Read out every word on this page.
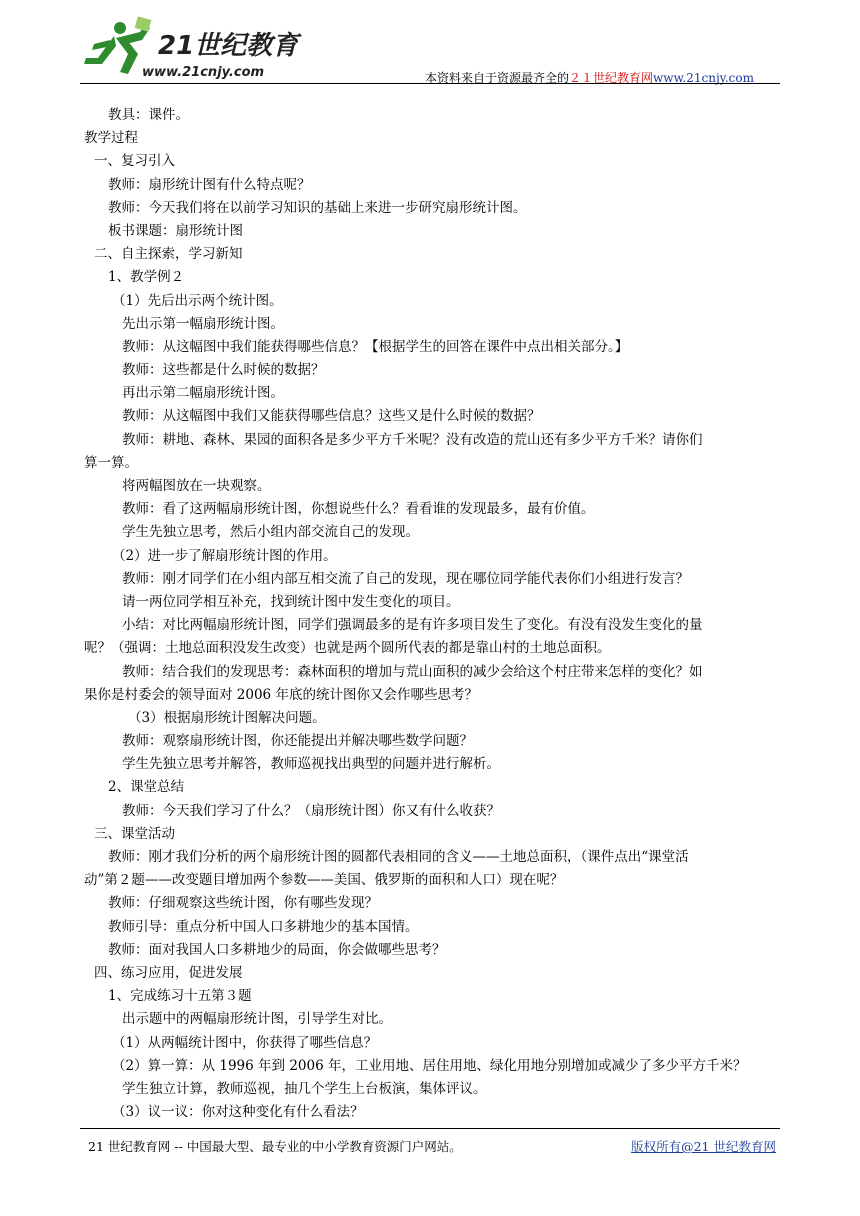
21世纪教育
www.21cnjy.com	本资料来自于资源最齐全的２１世纪教育网www.21cnjy.com
教具：课件。
教学过程
一、复习引入
教师：扇形统计图有什么特点呢？
教师：今天我们将在以前学习知识的基础上来进一步研究扇形统计图。
板书课题：扇形统计图
二、自主探索，学习新知
1、教学例２
（1）先后出示两个统计图。
先出示第一幅扇形统计图。
教师：从这幅图中我们能获得哪些信息？【根据学生的回答在课件中点出相关部分。】
教师：这些都是什么时候的数据？
再出示第二幅扇形统计图。
教师：从这幅图中我们又能获得哪些信息？这些又是什么时候的数据？
教师：耕地、森林、果园的面积各是多少平方千米呢？没有改造的荒山还有多少平方千米？请你们
算一算。
将两幅图放在一块观察。
教师：看了这两幅扇形统计图，你想说些什么？看看谁的发现最多，最有价值。
学生先独立思考，然后小组内部交流自己的发现。
（2）进一步了解扇形统计图的作用。
教师：刚才同学们在小组内部互相交流了自己的发现，现在哪位同学能代表你们小组进行发言？
请一两位同学相互补充，找到统计图中发生变化的项目。
小结：对比两幅扇形统计图，同学们强调最多的是有许多项目发生了变化。有没有没发生变化的量
呢？（强调：土地总面积没发生改变）也就是两个圆所代表的都是靠山村的土地总面积。
教师：结合我们的发现思考：森林面积的增加与荒山面积的减少会给这个村庄带来怎样的变化？如
果你是村委会的领导面对 2006 年底的统计图你又会作哪些思考？
（3）根据扇形统计图解决问题。
教师：观察扇形统计图，你还能提出并解决哪些数学问题？
学生先独立思考并解答，教师巡视找出典型的问题并进行解析。
2、课堂总结
教师：今天我们学习了什么？（扇形统计图）你又有什么收获？
三、课堂活动
教师：刚才我们分析的两个扇形统计图的圆都代表相同的含义——土地总面积，（课件点出“课堂活
动”第２题——改变题目增加两个参数——美国、俄罗斯的面积和人口）现在呢？
教师：仔细观察这些统计图，你有哪些发现？
教师引导：重点分析中国人口多耕地少的基本国情。
教师：面对我国人口多耕地少的局面，你会做哪些思考？
四、练习应用，促进发展
1、完成练习十五第３题
出示题中的两幅扇形统计图，引导学生对比。
（1）从两幅统计图中，你获得了哪些信息？
（2）算一算：从 1996 年到 2006 年，工业用地、居住用地、绿化用地分别增加或减少了多少平方千米？
学生独立计算，教师巡视，抽几个学生上台板演，集体评议。
（3）议一议：你对这种变化有什么看法？
21 世纪教育网 -- 中国最大型、最专业的中小学教育资源门户网站。	版权所有@21 世纪教育网
